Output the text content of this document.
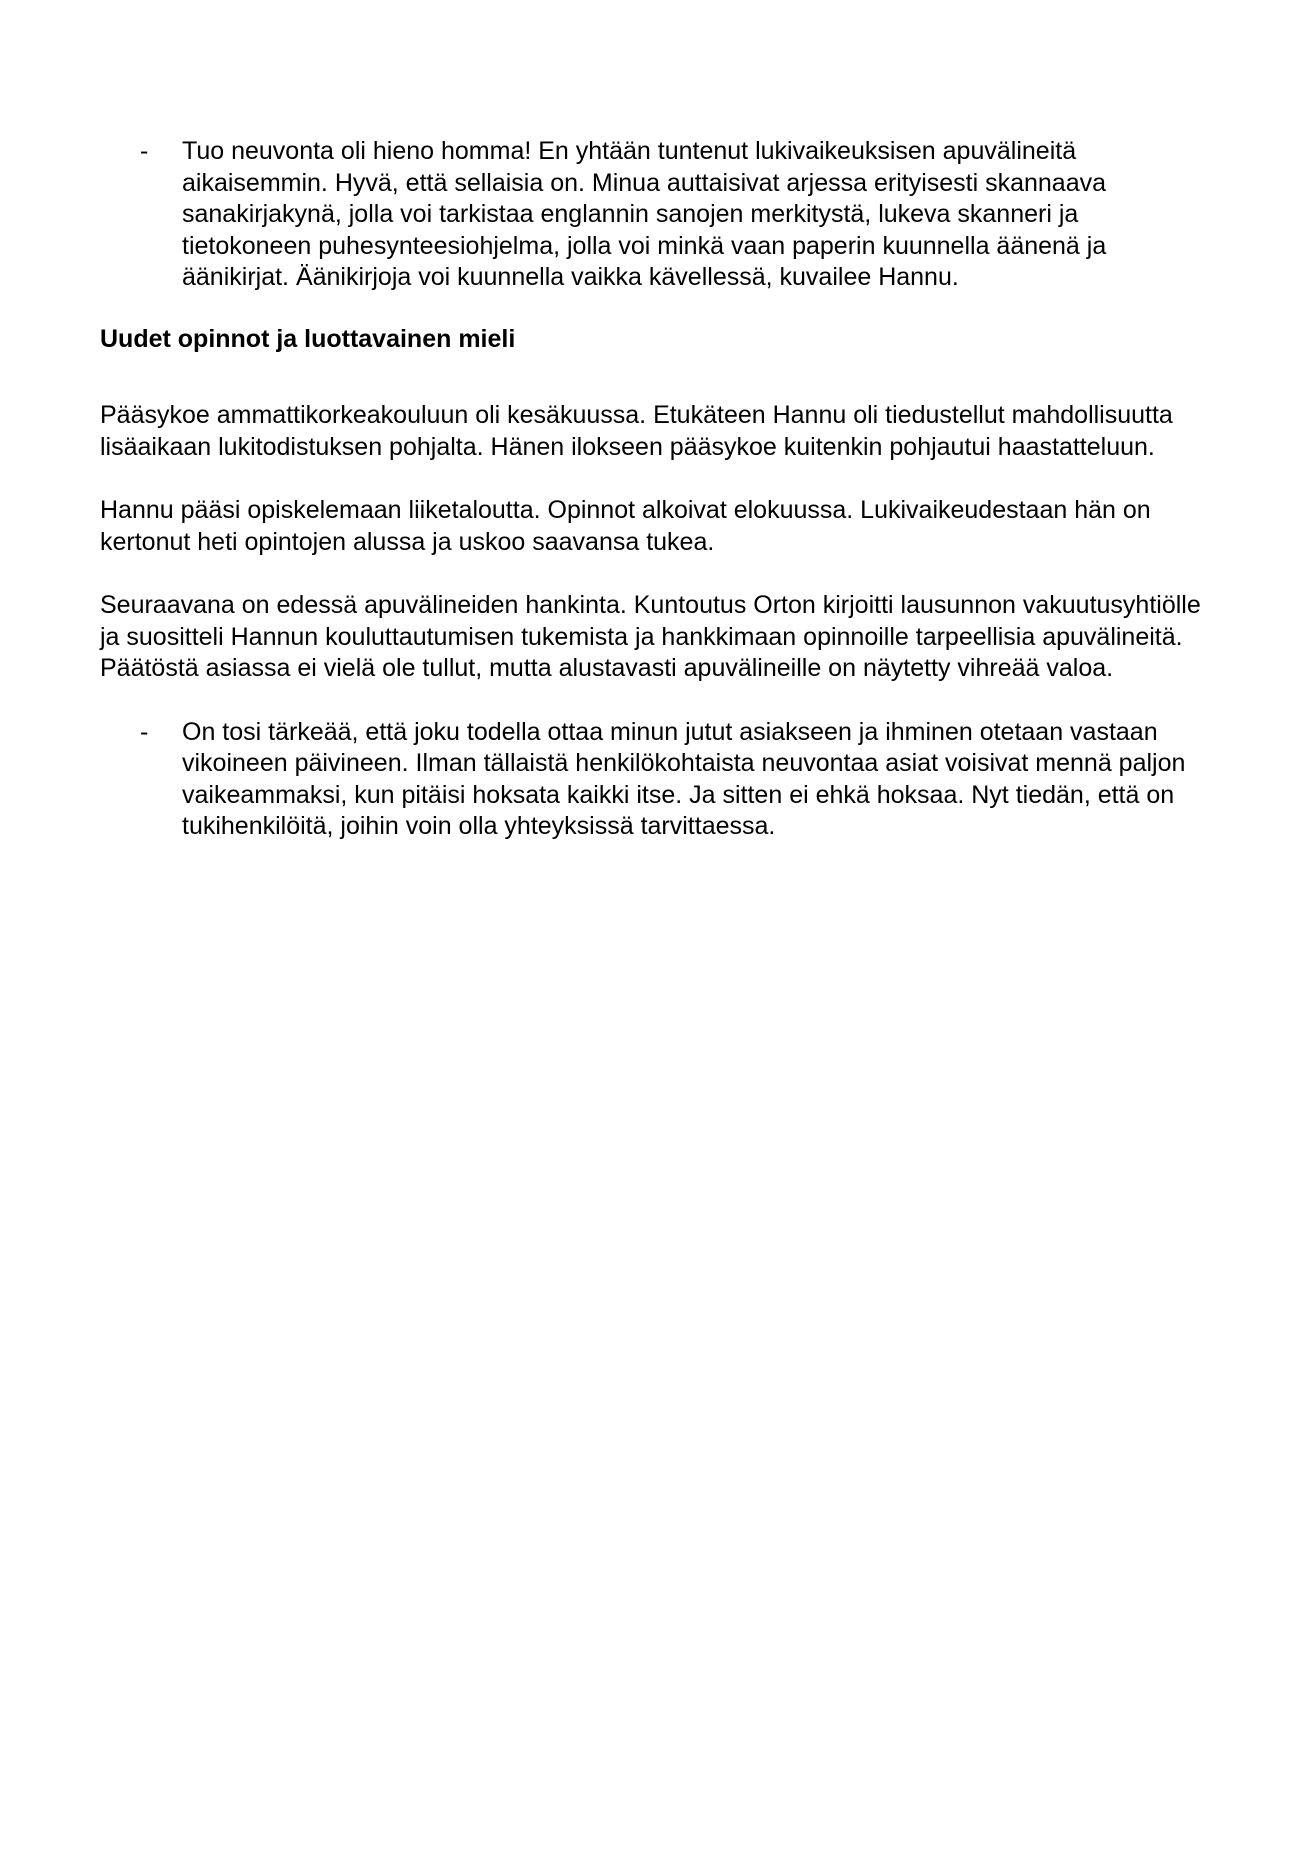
- Tuo neuvonta oli hieno homma! En yhtään tuntenut lukivaikeuksisen apuvälineitä aikaisemmin. Hyvä, että sellaisia on. Minua auttaisivat arjessa erityisesti skannaava sanakirjakynä, jolla voi tarkistaa englannin sanojen merkitystä, lukeva skanneri ja tietokoneen puhesynteesiohjelma, jolla voi minkä vaan paperin kuunnella äänenä ja äänikirjat. Äänikirjoja voi kuunnella vaikka kävellessä, kuvailee Hannu.

Uudet opinnot ja luottavainen mieli

Pääsykoe ammattikorkeakouluun oli kesäkuussa. Etukäteen Hannu oli tiedustellut mahdollisuutta lisäaikaan lukitodistuksen pohjalta. Hänen ilokseen pääsykoe kuitenkin pohjautui haastatteluun.

Hannu pääsi opiskelemaan liiketaloutta. Opinnot alkoivat elokuussa. Lukivaikeudestaan hän on kertonut heti opintojen alussa ja uskoo saavansa tukea.

Seuraavana on edessä apuvälineiden hankinta. Kuntoutus Orton kirjoitti lausunnon vakuutusyhtiölle ja suositteli Hannun kouluttautumisen tukemista ja hankkimaan opinnoille tarpeellisia apuvälineitä. Päätöstä asiassa ei vielä ole tullut, mutta alustavasti apuvälineille on näytetty vihreää valoa.

- On tosi tärkeää, että joku todella ottaa minun jutut asiakseen ja ihminen otetaan vastaan vikoineen päivineen. Ilman tällaistä henkilökohtaista neuvontaa asiat voisivat mennä paljon vaikeammaksi, kun pitäisi hoksata kaikki itse. Ja sitten ei ehkä hoksaa. Nyt tiedän, että on tukihenkilöitä, joihin voin olla yhteyksissä tarvittaessa.
